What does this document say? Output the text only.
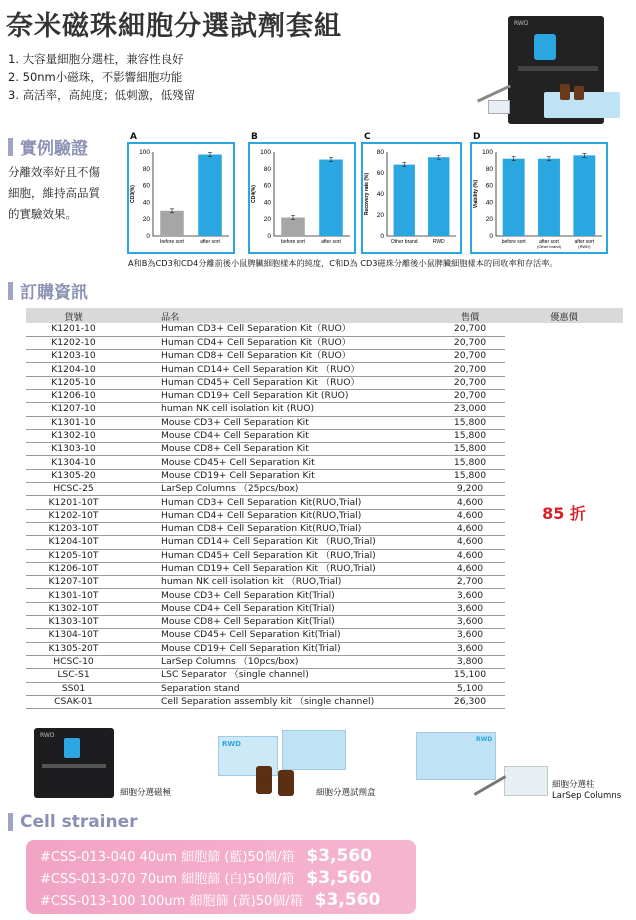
奈米磁珠細胞分選試劑套組
1. 大容量細胞分選柱，兼容性良好
2. 50nm小磁珠，不影響細胞功能
3. 高活率，高純度；低刺激，低殘留
RWD
實例驗證
分離效率好且不傷
細胞，維持高品質
的實驗效果。
A
CD3(%)
0
20
40
60
80
100
before sort	after sort
B
CD4(%)
0
20
40
60
80
100
before sort	after sort
C
Recovery rate (%)
0
20
40
60
80
Other brand	RWD
D
Viability (%)
0
20
40
60
80
100
before sort	after sort
(Other brand)
after sort
(RWD)
A和B為CD3和CD4分離前後小鼠脾臟細胞樣本的純度，C和D為 CD3磁珠分離後小鼠脾臟細胞樣本的回收率和存活率。
訂購資訊
貨號	品名	售價	優惠價
K1201-10	Human CD3+ Cell Separation Kit（RUO）	20,700	85 折
K1202-10	Human CD4+ Cell Separation Kit（RUO）	20,700	
K1203-10	Human CD8+ Cell Separation Kit（RUO）	20,700	
K1204-10	Human CD14+ Cell Separation Kit （RUO）	20,700	
K1205-10	Human CD45+ Cell Separation Kit （RUO）	20,700	
K1206-10	Human CD19+ Cell Separation Kit (RUO)	20,700	
K1207-10	human NK cell isolation kit (RUO)	23,000	
K1301-10	Mouse CD3+ Cell Separation Kit	15,800	
K1302-10	Mouse CD4+ Cell Separation Kit	15,800	
K1303-10	Mouse CD8+ Cell Separation Kit	15,800	
K1304-10	Mouse CD45+ Cell Separation Kit	15,800	
K1305-20	Mouse CD19+ Cell Separation Kit	15,800	
HCSC-25	LarSep Columns （25pcs/box)	9,200	
K1201-10T	Human CD3+ Cell Separation Kit(RUO,Trial)	4,600	
K1202-10T	Human CD4+ Cell Separation Kit(RUO,Trial)	4,600	
K1203-10T	Human CD8+ Cell Separation Kit(RUO,Trial)	4,600	
K1204-10T	Human CD14+ Cell Separation Kit （RUO,Trial)	4,600	
K1205-10T	Human CD45+ Cell Separation Kit （RUO,Trial)	4,600	
K1206-10T	Human CD19+ Cell Separation Kit （RUO,Trial)	4,600	
K1207-10T	human NK cell isolation kit （RUO,Trial)	2,700	
K1301-10T	Mouse CD3+ Cell Separation Kit(Trial)	3,600	
K1302-10T	Mouse CD4+ Cell Separation Kit(Trial)	3,600	
K1303-10T	Mouse CD8+ Cell Separation Kit(Trial)	3,600	
K1304-10T	Mouse CD45+ Cell Separation Kit(Trial)	3,600	
K1305-20T	Mouse CD19+ Cell Separation Kit(Trial)	3,600	
HCSC-10	LarSep Columns （10pcs/box)	3,800	
LSC-S1	LSC Separator （single channel)	15,100	
SS01	Separation stand	5,100	
CSAK-01	Cell Separation assembly kit （single channel)	26,300	
RWD
細胞分選磁極
RWD
細胞分選試劑盒
RWD
細胞分選柱
LarSep Columns
Cell strainer
#CSS-013-040 40um 細胞篩 (藍)50個/箱 $3,560
#CSS-013-070 70um 細胞篩 (白)50個/箱 $3,560
#CSS-013-100 100um 細胞篩 (黃)50個/箱 $3,560
